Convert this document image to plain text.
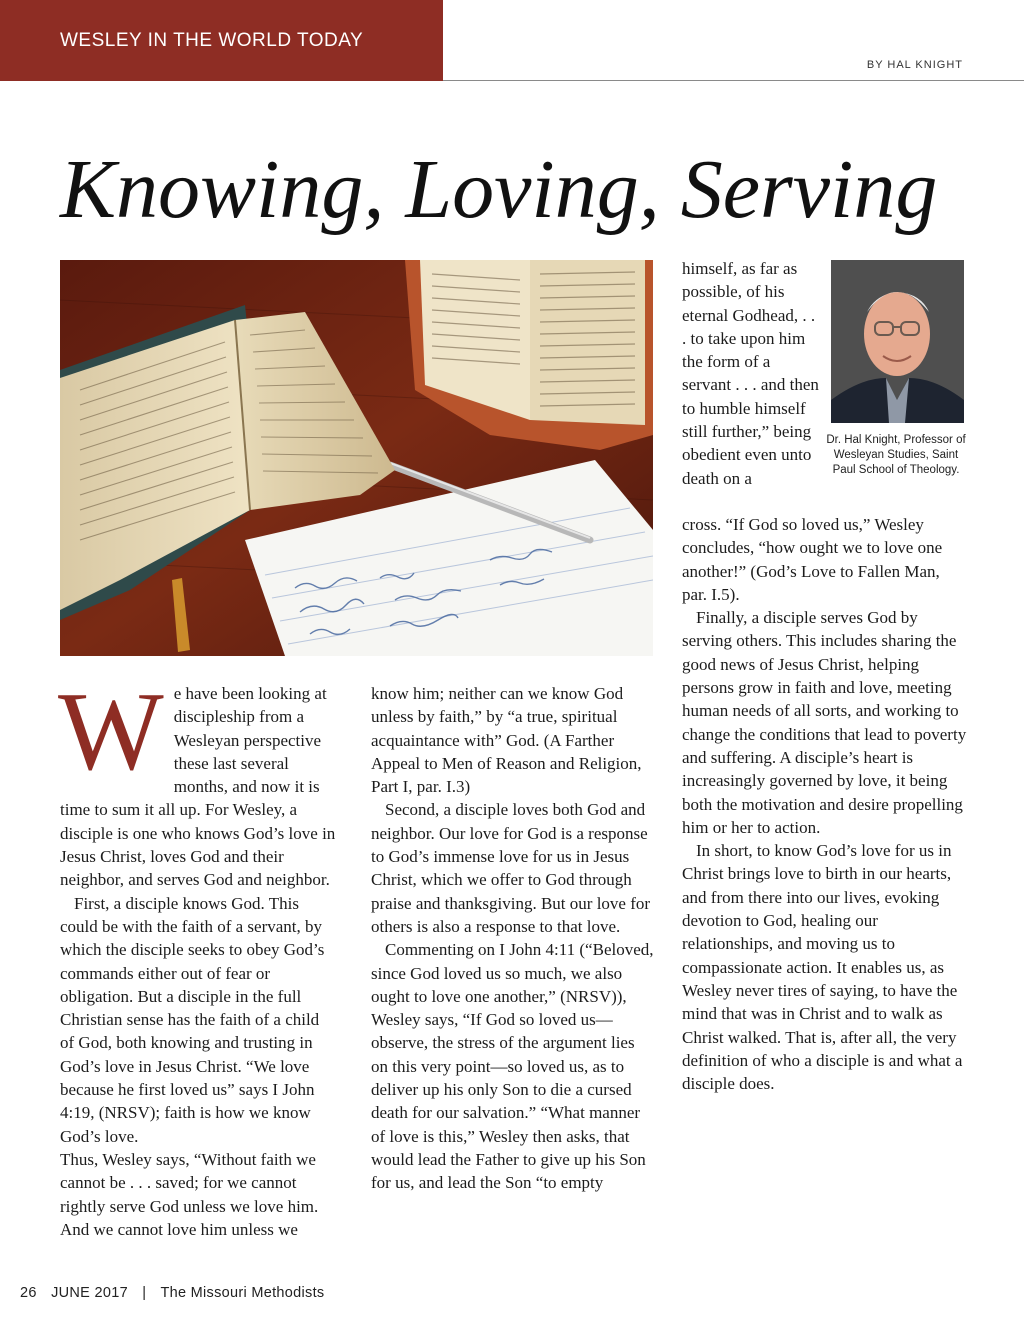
WESLEY IN THE WORLD TODAY
BY HAL KNIGHT
Knowing, Loving, Serving
Dr. Hal Knight, Professor of Wesleyan Studies, Saint Paul School of Theology.

We have been looking at discipleship from a Wesleyan perspective these last several months, and now it is time to sum it all up. For Wesley, a disciple is one who knows God’s love in Jesus Christ, loves God and their neighbor, and serves God and neighbor.

First, a disciple knows God. This could be with the faith of a servant, by which the disciple seeks to obey God’s commands either out of fear or obligation. But a disciple in the full Christian sense has the faith of a child of God, both knowing and trusting in God’s love in Jesus Christ. “We love because he first loved us” says I John 4:19, (NRSV); faith is how we know God’s love.

Thus, Wesley says, “Without faith we cannot be . . . saved; for we cannot rightly serve God unless we love him. And we cannot love him unless we

know him; neither can we know God unless by faith,” by “a true, spiritual acquaintance with” God. (A Farther Appeal to Men of Reason and Religion, Part I, par. I.3)

Second, a disciple loves both God and neighbor. Our love for God is a response to God’s immense love for us in Jesus Christ, which we offer to God through praise and thanksgiving. But our love for others is also a response to that love.

Commenting on I John 4:11 (“Beloved, since God loved us so much, we also ought to love one another,” (NRSV)), Wesley says, “If God so loved us—observe, the stress of the argument lies on this very point—so loved us, as to deliver up his only Son to die a cursed death for our salvation.” “What manner of love is this,” Wesley then asks, that would lead the Father to give up his Son for us, and lead the Son “to empty

himself, as far as possible, of his eternal Godhead, . . . to take upon him the form of a servant . . . and then to humble himself still further,” being obedient even unto death on a

cross. “If God so loved us,” Wesley concludes, “how ought we to love one another!” (God’s Love to Fallen Man, par. I.5).

Finally, a disciple serves God by serving others. This includes sharing the good news of Jesus Christ, helping persons grow in faith and love, meeting human needs of all sorts, and working to change the conditions that lead to poverty and suffering. A disciple’s heart is increasingly governed by love, it being both the motivation and desire propelling him or her to action.

In short, to know God’s love for us in Christ brings love to birth in our hearts, and from there into our lives, evoking devotion to God, healing our relationships, and moving us to compassionate action. It enables us, as Wesley never tires of saying, to have the mind that was in Christ and to walk as Christ walked. That is, after all, the very definition of who a disciple is and what a disciple does.

26 JUNE 2017 | The Missouri Methodists
